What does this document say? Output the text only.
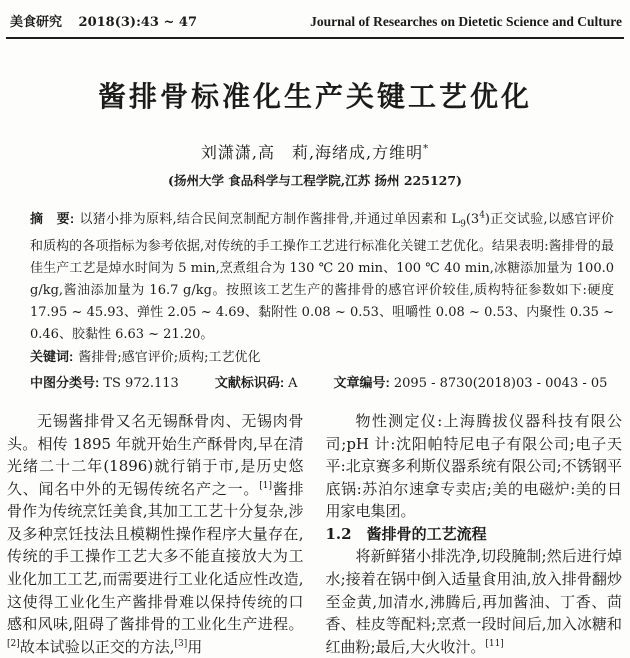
美食研究 2018(3):43 ~ 47	Journal of Researches on Dietetic Science and Culture
酱排骨标准化生产关键工艺优化
刘潇潇,高　莉,海绪成,方维明*
(扬州大学 食品科学与工程学院,江苏 扬州 225127)

摘　要: 以猪小排为原料,结合民间烹制配方制作酱排骨,并通过单因素和 $L_9(3^4)$正交试验,以感官评价和质构的各项指标为参考依据,对传统的手工操作工艺进行标准化关键工艺优化。结果表明:酱排骨的最佳生产工艺是焯水时间为 5 min,烹煮组合为 130 ℃ 20 min、100 ℃ 40 min,冰糖添加量为 100.0 g/kg,酱油添加量为 16.7 g/kg。按照该工艺生产的酱排骨的感官评价较佳,质构特征参数如下:硬度 17.95 ~ 45.93、弹性 2.05 ~ 4.69、黏附性 0.08 ~ 0.53、咀嚼性 0.08 ~ 0.53、内聚性 0.35 ~ 0.46、胶黏性 6.63 ~ 21.20。

关键词: 酱排骨;感官评价;质构;工艺优化

中图分类号: TS 972.113	文献标识码: A	文章编号: 2095 - 8730(2018)03 - 0043 - 05
无锡酱排骨又名无锡酥骨肉、无锡肉骨头。相传 1895 年就开始生产酥骨肉,早在清光绪二十二年(1896)就行销于市,是历史悠久、闻名中外的无锡传统名产之一。[1]酱排骨作为传统烹饪美食,其加工工艺十分复杂,涉及多种烹饪技法且模糊性操作程序大量存在,传统的手工操作工艺大多不能直接放大为工业化加工工艺,而需要进行工业化适应性改造,这使得工业化生产酱排骨难以保持传统的口感和风味,阻碍了酱排骨的工业化生产进程。[2]故本试验以正交的方法,[3]用
物性测定仪:上海腾拔仪器科技有限公司;pH 计:沈阳帕特尼电子有限公司;电子天平:北京赛多利斯仪器系统有限公司;不锈钢平底锅:苏泊尔速拿专卖店;美的电磁炉:美的日用家电集团。
1.2　酱排骨的工艺流程
将新鲜猪小排洗净,切段腌制;然后进行焯水;接着在锅中倒入适量食用油,放入排骨翻炒至金黄,加清水,沸腾后,再加酱油、丁香、茴香、桂皮等配料;烹煮一段时间后,加入冰糖和红曲粉;最后,大火收汁。[11]
